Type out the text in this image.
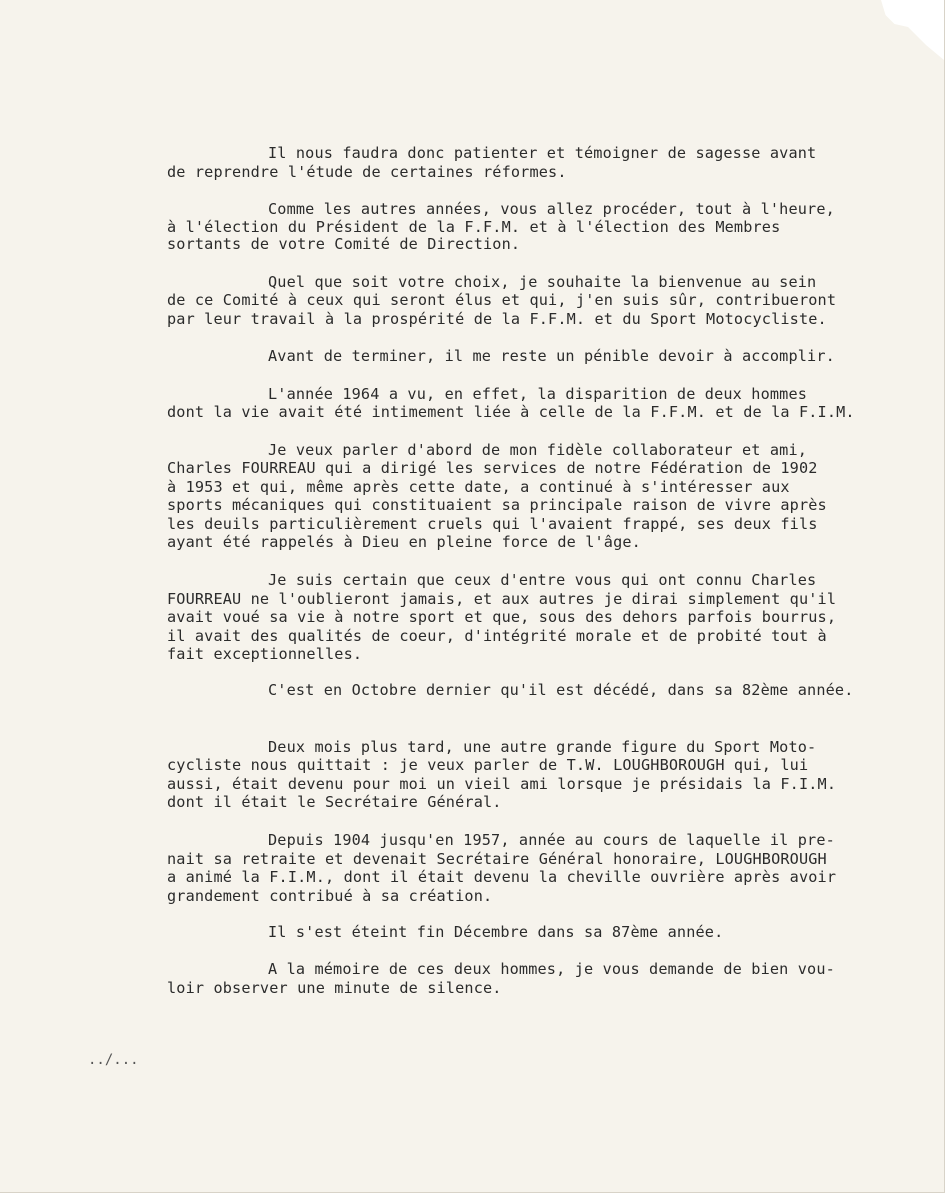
Il nous faudra donc patienter et témoigner de sagesse avant

de reprendre l'étude de certaines réformes.

Comme les autres années, vous allez procéder, tout à l'heure,

à l'élection du Président de la F.F.M. et à l'élection des Membres

sortants de votre Comité de Direction.

Quel que soit votre choix, je souhaite la bienvenue au sein

de ce Comité à ceux qui seront élus et qui, j'en suis sûr, contribueront

par leur travail à la prospérité de la F.F.M. et du Sport Motocycliste.

Avant de terminer, il me reste un pénible devoir à accomplir.

L'année 1964 a vu, en effet, la disparition de deux hommes

dont la vie avait été intimement liée à celle de la F.F.M. et de la F.I.M.

Je veux parler d'abord de mon fidèle collaborateur et ami,

Charles FOURREAU qui a dirigé les services de notre Fédération de 1902

à 1953 et qui, même après cette date, a continué à s'intéresser aux

sports mécaniques qui constituaient sa principale raison de vivre après

les deuils particulièrement cruels qui l'avaient frappé, ses deux fils

ayant été rappelés à Dieu en pleine force de l'âge.

Je suis certain que ceux d'entre vous qui ont connu Charles

FOURREAU ne l'oublieront jamais, et aux autres je dirai simplement qu'il

avait voué sa vie à notre sport et que, sous des dehors parfois bourrus,

il avait des qualités de coeur, d'intégrité morale et de probité tout à

fait exceptionnelles.

C'est en Octobre dernier qu'il est décédé, dans sa 82ème année.

Deux mois plus tard, une autre grande figure du Sport Moto-

cycliste nous quittait : je veux parler de T.W. LOUGHBOROUGH qui, lui

aussi, était devenu pour moi un vieil ami lorsque je présidais la F.I.M.

dont il était le Secrétaire Général.

Depuis 1904 jusqu'en 1957, année au cours de laquelle il pre-

nait sa retraite et devenait Secrétaire Général honoraire, LOUGHBOROUGH

a animé la F.I.M., dont il était devenu la cheville ouvrière après avoir

grandement contribué à sa création.

Il s'est éteint fin Décembre dans sa 87ème année.

A la mémoire de ces deux hommes, je vous demande de bien vou-

loir observer une minute de silence.

../...
